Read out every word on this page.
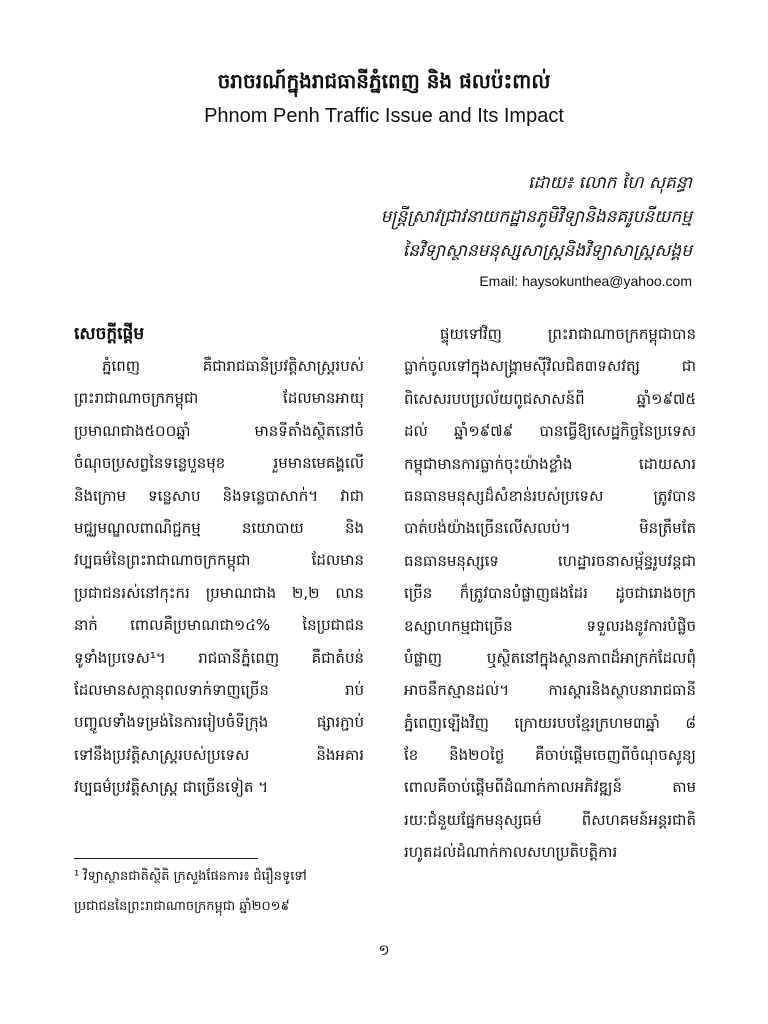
ចរាចរណ៍ក្នុងរាជធានីភ្នំពេញ និង ផលប៉ះពាល់
Phnom Penh Traffic Issue and Its Impact
ដោយ៖ លោក ហៃ សុគន្ធា
មន្ត្រីស្រាវជ្រាវនាយកដ្ឋានភូមិវិទ្យានិងនគរូបនីយកម្ម
នៃវិទ្យាស្ថានមនុស្សសាស្ត្រនិងវិទ្យាសាស្ត្រសង្គម
Email: haysokunthea@yahoo.com
សេចក្តីផ្តើម
ភ្នំពេញ គឺជារាជធានីប្រវត្តិសាស្ត្ររបស់
ព្រះរាជាណាចក្រកម្ពុជា ដែលមានអាយុ
ប្រមាណជាង៥០០ឆ្នាំ មានទីតាំងស្ថិតនៅចំ
ចំណុចប្រសព្វនៃទន្លេបួនមុខ រួមមានមេគង្គលើ
និងក្រោម ទន្លេសាប និងទន្លេបាសាក់។ វាជា
មជ្ឈមណ្ឌលពាណិជ្ជកម្ម នយោបាយ និង
វប្បធម៌នៃព្រះរាជាណាចក្រកម្ពុជា ដែលមាន
ប្រជាជនរស់នៅកុះករ ប្រមាណជាង ២,២ លាន
នាក់ ពោលគឺប្រមាណជា១៤% នៃប្រជាជន
ទូទាំងប្រទេស¹។ រាជធានីភ្នំពេញ គឺជាតំបន់
ដែលមានសក្តានុពលទាក់ទាញច្រើន រាប់
បញ្ចូលទាំងទម្រង់នៃការរៀបចំទីក្រុង ផ្សារភ្ជាប់
ទៅនឹងប្រវត្តិសាស្ត្ររបស់ប្រទេស និងអគារ
វប្បធម៌ប្រវត្តិសាស្ត្រ ជាច្រើនទៀត ។
ផ្ទុយទៅវិញ ព្រះរាជាណាចក្រកម្ពុជាបាន
ធ្លាក់ចូលទៅក្នុងសង្គ្រាមស៊ីវិលជិត៣ទសវត្ស ជា
ពិសេសរបបប្រល័យពូជសាសន៍ពី ឆ្នាំ១៩៧៥
ដល់ ឆ្នាំ១៩៧៩ បានធ្វើឱ្យសេដ្ឋកិច្ចនៃប្រទេស
កម្ពុជាមានការធ្លាក់ចុះយ៉ាងខ្លាំង ដោយសារ
ធនធានមនុស្សដ៏សំខាន់របស់ប្រទេស ត្រូវបាន
បាត់បង់យ៉ាងច្រើនលើសលប់។ មិនត្រឹមតែ
ធនធានមនុស្សទេ ហេដ្ឋារចនាសម្ព័ន្ធរូបវន្តជា
ច្រើន ក៏ត្រូវបានបំផ្លាញផងដែរ ដូចជារោងចក្រ
ឧស្សាហកម្មជាច្រើន ទទួលរងនូវការបំផ្លិច
បំផ្លាញ ឬស្ថិតនៅក្នុងស្ថានភាពដ៏អាក្រក់ដែលពុំ
អាចនឹកស្មានដល់។ ការស្តារនិងស្ថាបនារាជធានី
ភ្នំពេញឡើងវិញ ក្រោយរបបខ្មែរក្រហម៣ឆ្នាំ ៨
ខែ និង២០ថ្ងៃ គឺចាប់ផ្តើមចេញពីចំណុចសូន្យ
ពោលគឺចាប់ផ្តើមពីដំណាក់កាលអភិវឌ្ឍន៍ តាម
រយៈជំនួយផ្នែកមនុស្សធម៌ ពីសហគមន៍អន្តរជាតិ
រហូតដល់ដំណាក់កាលសហប្រតិបត្តិការ
¹ វិទ្យាស្ថានជាតិស្ថិតិ ក្រសួងផែនការ៖ ជំរឿនទូទៅ
ប្រជាជននៃព្រះរាជាណាចក្រកម្ពុជា ឆ្នាំ២០១៩
១
